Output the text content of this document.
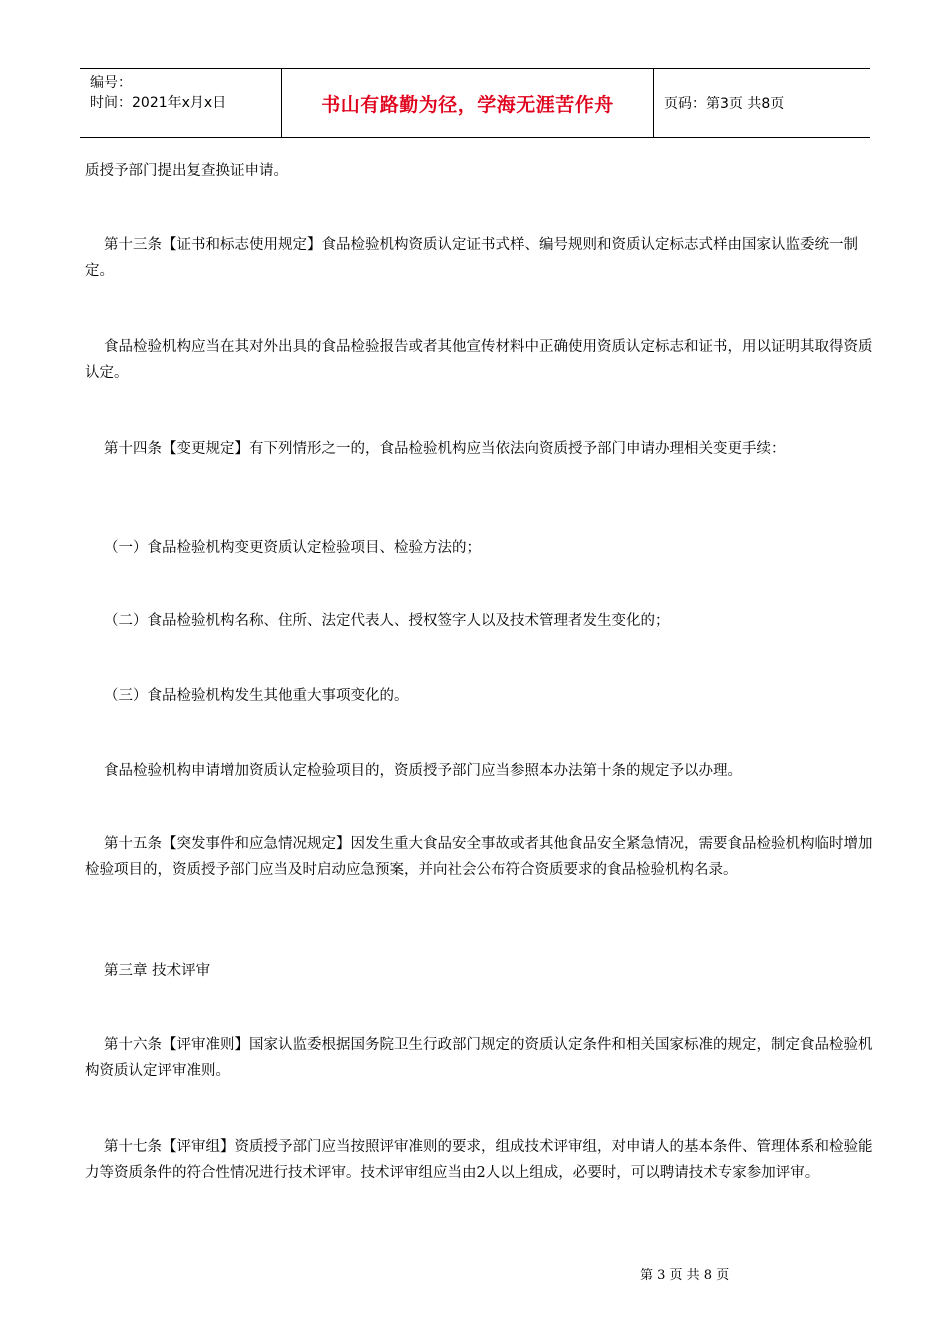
编号：
时间：2021年x月x日	书山有路勤为径，学海无涯苦作舟	页码：第3页 共8页

质授予部门提出复查换证申请。

第十三条【证书和标志使用规定】食品检验机构资质认定证书式样、编号规则和资质认定标志式样由国家认监委统一制定。

食品检验机构应当在其对外出具的食品检验报告或者其他宣传材料中正确使用资质认定标志和证书，用以证明其取得资质认定。

第十四条【变更规定】有下列情形之一的，食品检验机构应当依法向资质授予部门申请办理相关变更手续：

（一）食品检验机构变更资质认定检验项目、检验方法的；

（二）食品检验机构名称、住所、法定代表人、授权签字人以及技术管理者发生变化的；

（三）食品检验机构发生其他重大事项变化的。

食品检验机构申请增加资质认定检验项目的，资质授予部门应当参照本办法第十条的规定予以办理。

第十五条【突发事件和应急情况规定】因发生重大食品安全事故或者其他食品安全紧急情况，需要食品检验机构临时增加检验项目的，资质授予部门应当及时启动应急预案，并向社会公布符合资质要求的食品检验机构名录。

第三章 技术评审

第十六条【评审准则】国家认监委根据国务院卫生行政部门规定的资质认定条件和相关国家标准的规定，制定食品检验机构资质认定评审准则。

第十七条【评审组】资质授予部门应当按照评审准则的要求，组成技术评审组，对申请人的基本条件、管理体系和检验能力等资质条件的符合性情况进行技术评审。技术评审组应当由2人以上组成，必要时，可以聘请技术专家参加评审。

第 3 页 共 8 页
